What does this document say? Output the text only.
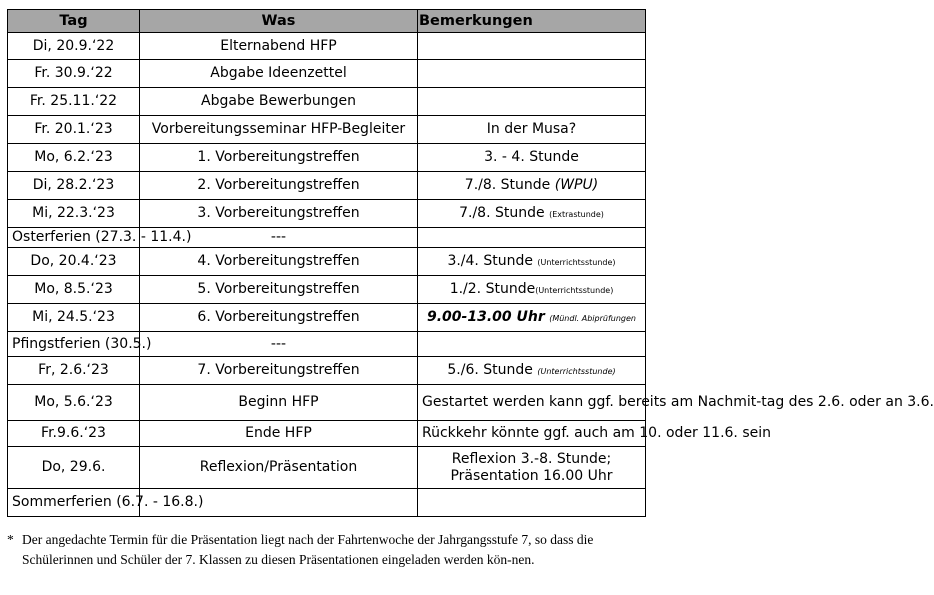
Tag	Was	Bemerkungen
Di, 20.9.‘22	Elternabend HFP	
Fr. 30.9.‘22	Abgabe Ideenzettel	
Fr. 25.11.‘22	Abgabe Bewerbungen	
Fr. 20.1.‘23	Vorbereitungsseminar HFP-Begleiter	In der Musa?
Mo, 6.2.‘23	1. Vorbereitungstreffen	3. - 4. Stunde
Di, 28.2.‘23	2. Vorbereitungstreffen	7./8. Stunde (WPU)
Mi, 22.3.‘23	3. Vorbereitungstreffen	7./8. Stunde (Extrastunde)
Osterferien (27.3. - 11.4.)	---	
Do, 20.4.‘23	4. Vorbereitungstreffen	3./4. Stunde (Unterrichtsstunde)
Mo, 8.5.‘23	5. Vorbereitungstreffen	1./2. Stunde(Unterrichtsstunde)
Mi, 24.5.‘23	6. Vorbereitungstreffen	9.00-13.00 Uhr (Mündl. Abiprüfungen
Pfingstferien (30.5.)	---	
Fr, 2.6.‘23	7. Vorbereitungstreffen	5./6. Stunde (Unterrichtsstunde)
Mo, 5.6.‘23	Beginn HFP	Gestartet werden kann ggf. bereits am Nachmit-tag des 2.6. oder an 3.6.
Fr.9.6.‘23	Ende HFP	Rückkehr könnte ggf. auch am 10. oder 11.6. sein
Do, 29.6.	Reflexion/Präsentation	Reflexion 3.-8. Stunde;
Präsentation 16.00 Uhr

Sommerferien (6.7. - 16.8.)		
* Der angedachte Termin für die Präsentation liegt nach der Fahrtenwoche der Jahrgangsstufe 7, so dass die Schülerinnen und Schüler der 7. Klassen zu diesen Präsentationen eingeladen werden kön-nen.
